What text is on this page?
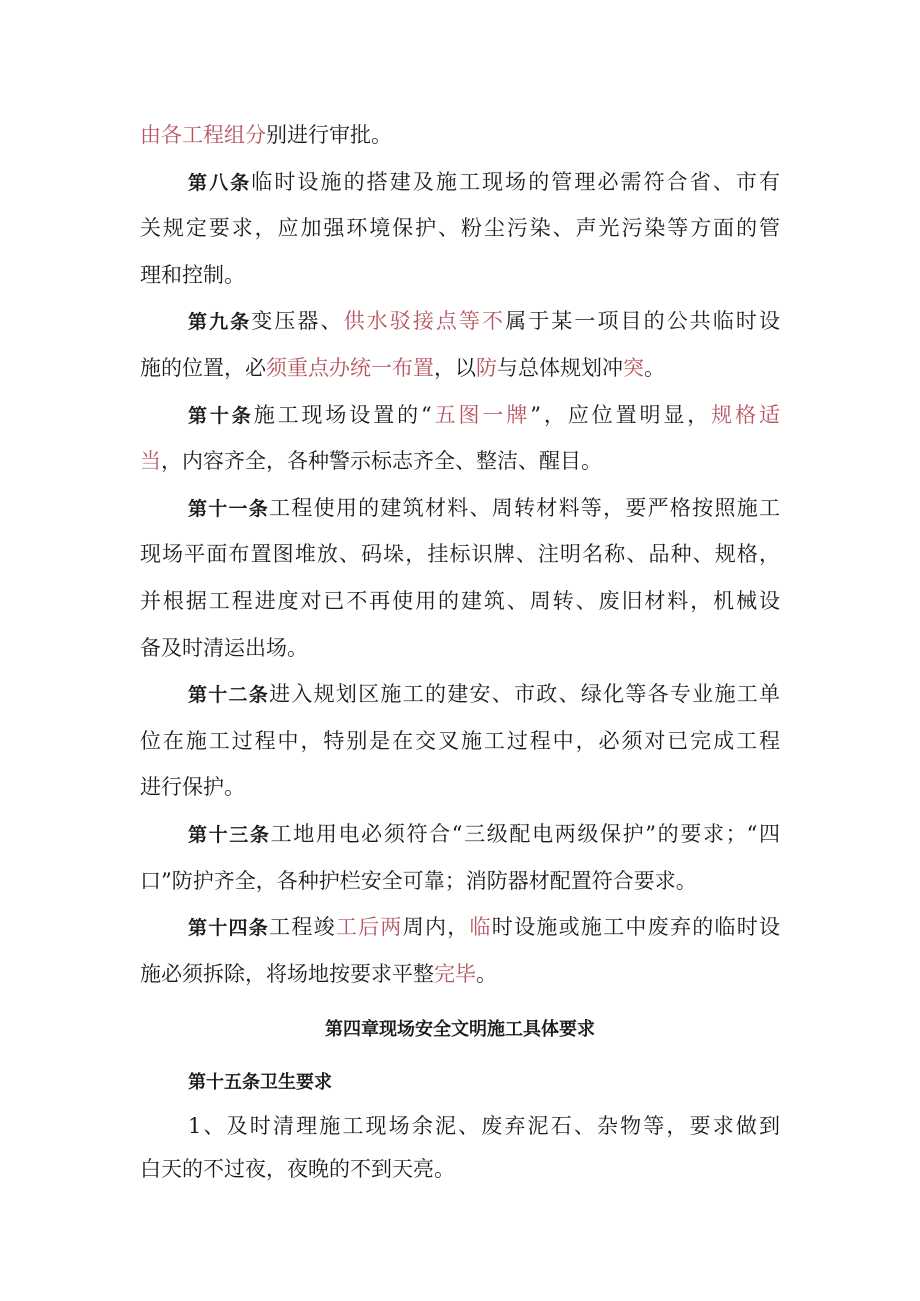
由各工程组分别进行审批。
第八条临时设施的搭建及施工现场的管理必需符合省、市有
关规定要求，应加强环境保护、粉尘污染、声光污染等方面的管
理和控制。
第九条变压器、供水驳接点等不属于某一项目的公共临时设
施的位置，必须重点办统一布置，以防与总体规划冲突。
第十条施工现场设置的“五图一牌”，应位置明显，规格适
当，内容齐全，各种警示标志齐全、整洁、醒目。
第十一条工程使用的建筑材料、周转材料等，要严格按照施工
现场平面布置图堆放、码垛，挂标识牌、注明名称、品种、规格，
并根据工程进度对已不再使用的建筑、周转、废旧材料，机械设
备及时清运出场。
第十二条进入规划区施工的建安、市政、绿化等各专业施工单
位在施工过程中，特别是在交叉施工过程中，必须对已完成工程
进行保护。
第十三条工地用电必须符合“三级配电两级保护”的要求；“四
口”防护齐全，各种护栏安全可靠；消防器材配置符合要求。
第十四条工程竣工后两周内，临时设施或施工中废弃的临时设
施必须拆除，将场地按要求平整完毕。
第四章现场安全文明施工具体要求
第十五条卫生要求
1、及时清理施工现场余泥、废弃泥石、杂物等，要求做到
白天的不过夜，夜晚的不到天亮。
